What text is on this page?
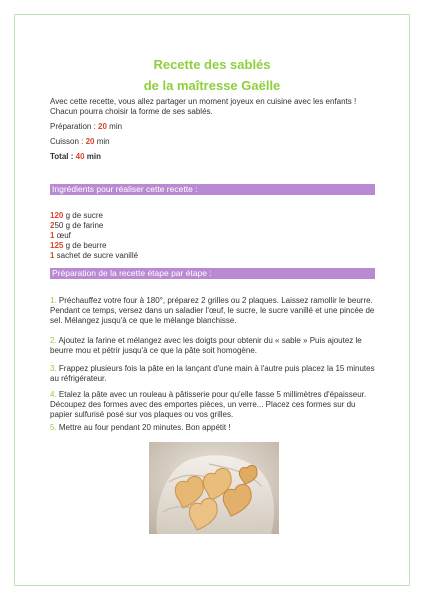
Recette des sablés
de la maîtresse Gaëlle

Avec cette recette, vous allez partager un moment joyeux en cuisine avec les enfants ! Chacun pourra choisir la forme de ses sablés.

Préparation : 20 min

Cuisson : 20 min

Total : 40 min

Ingrédients pour réaliser cette recette :
120 g de sucre
250 g de farine
1 œuf
125 g de beurre
1 sachet de sucre vanillé
Préparation de la recette étape par étape :

1. Préchauffez votre four à 180°, préparez 2 grilles ou 2 plaques. Laissez ramollir le beurre. Pendant ce temps, versez dans un saladier l'œuf, le sucre, le sucre vanillé et une pincée de sel. Mélangez jusqu'à ce que le mélange blanchisse.

2. Ajoutez la farine et mélangez avec les doigts pour obtenir du « sable » Puis ajoutez le beurre mou et pétrir jusqu'à ce que la pâte soit homogène.

3. Frappez plusieurs fois la pâte en la lançant d'une main à l'autre puis placez la 15 minutes au réfrigérateur.

4. Etalez la pâte avec un rouleau à pâtisserie pour qu'elle fasse 5 millimètres d'épaisseur. Découpez des formes avec des emportes pièces, un verre... Placez ces formes sur du papier sulfurisé posé sur vos plaques ou vos grilles.

5. Mettre au four pendant 20 minutes. Bon appétit !
